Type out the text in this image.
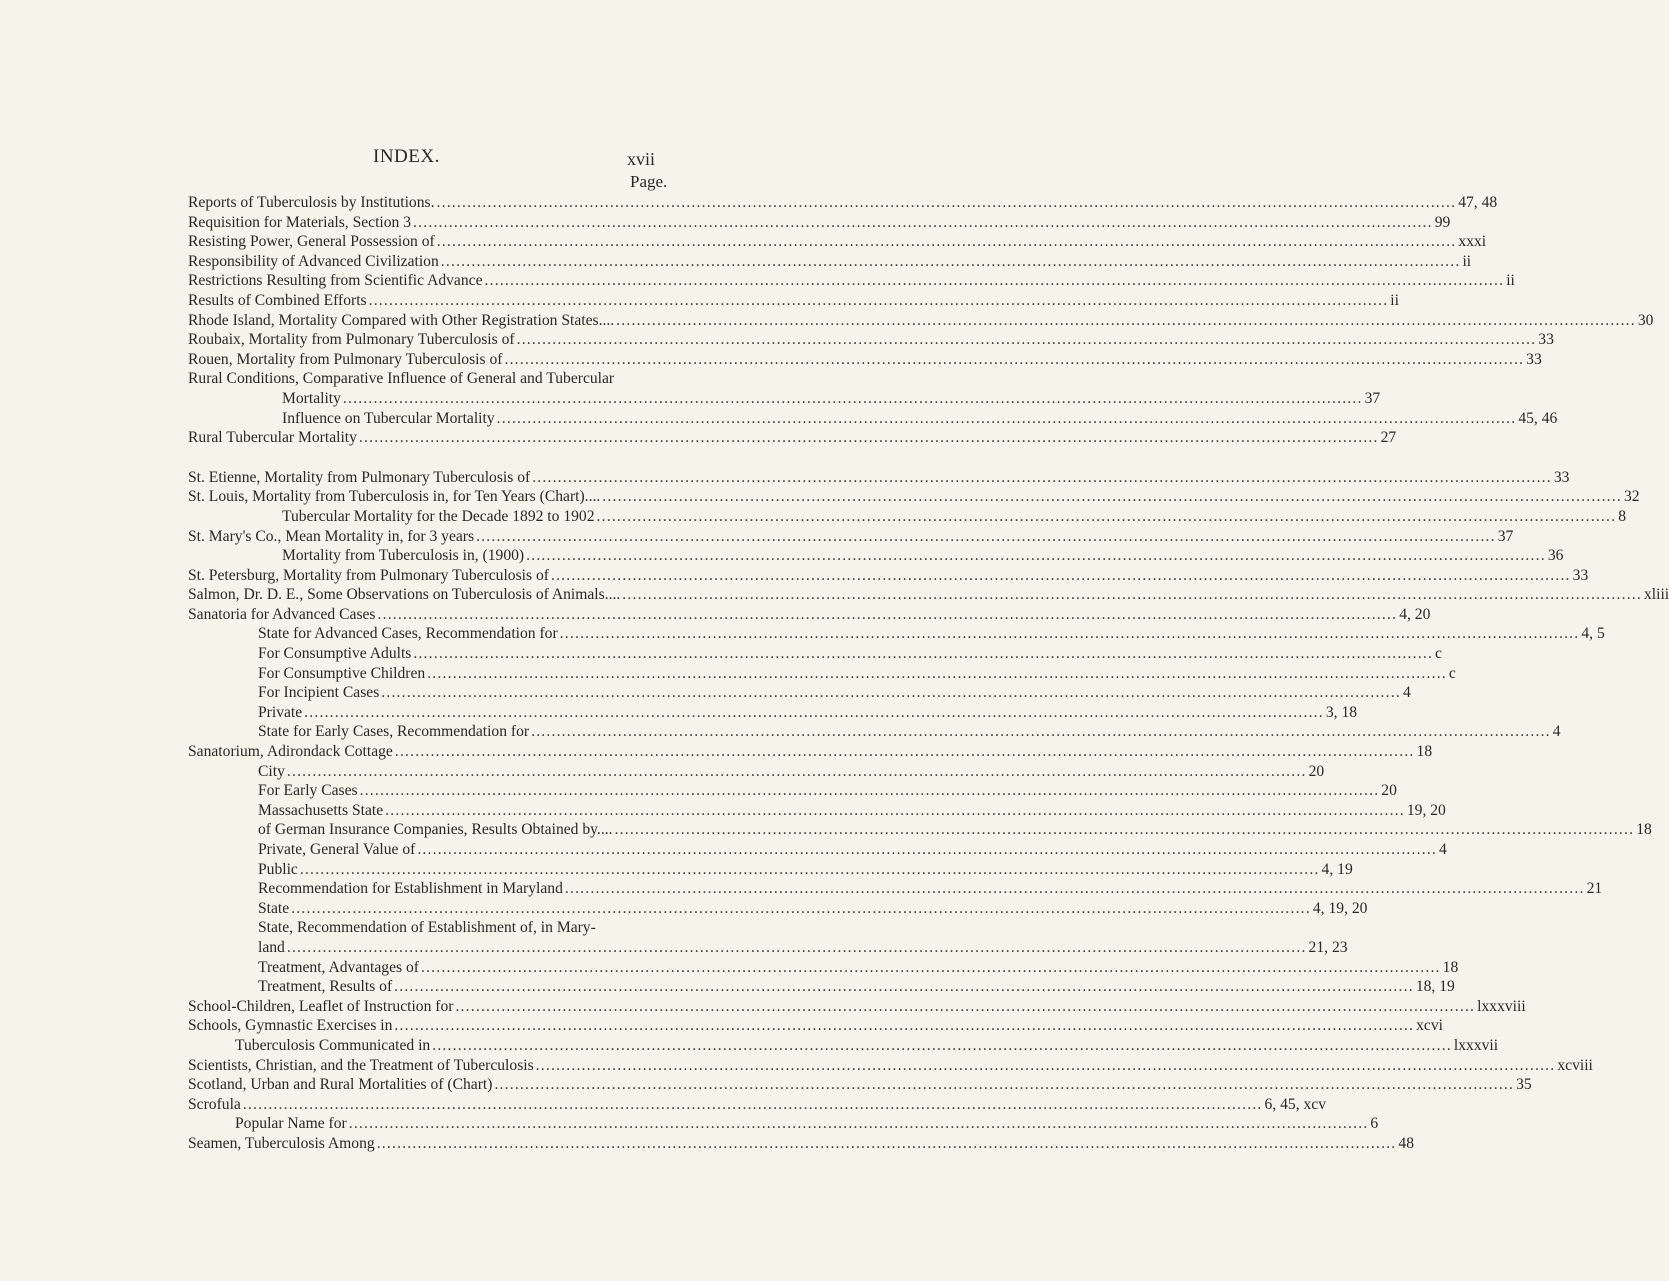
INDEX.	xvii
Page.
Reports of Tuberculosis by Institutions. ........................................................................................................................................................................................................ 47, 48
Requisition for Materials, Section 3 ........................................................................................................................................................................................................ 99
Resisting Power, General Possession of ........................................................................................................................................................................................................ xxxi
Responsibility of Advanced Civilization ........................................................................................................................................................................................................ ii
Restrictions Resulting from Scientific Advance ........................................................................................................................................................................................................ ii
Results of Combined Efforts ........................................................................................................................................................................................................ ii
Rhode Island, Mortality Compared with Other Registration States.... ........................................................................................................................................................................................................ 30
Roubaix, Mortality from Pulmonary Tuberculosis of ........................................................................................................................................................................................................ 33
Rouen, Mortality from Pulmonary Tuberculosis of ........................................................................................................................................................................................................ 33
Rural Conditions, Comparative Influence of General and Tubercular
Mortality ........................................................................................................................................................................................................ 37
Influence on Tubercular Mortality ........................................................................................................................................................................................................ 45, 46
Rural Tubercular Mortality ........................................................................................................................................................................................................ 27
St. Etienne, Mortality from Pulmonary Tuberculosis of ........................................................................................................................................................................................................ 33
St. Louis, Mortality from Tuberculosis in, for Ten Years (Chart).... ........................................................................................................................................................................................................ 32
Tubercular Mortality for the Decade 1892 to 1902 ........................................................................................................................................................................................................ 8
St. Mary's Co., Mean Mortality in, for 3 years ........................................................................................................................................................................................................ 37
Mortality from Tuberculosis in, (1900) ........................................................................................................................................................................................................ 36
St. Petersburg, Mortality from Pulmonary Tuberculosis of ........................................................................................................................................................................................................ 33
Salmon, Dr. D. E., Some Observations on Tuberculosis of Animals.... ........................................................................................................................................................................................................ xliii
Sanatoria for Advanced Cases ........................................................................................................................................................................................................ 4, 20
State for Advanced Cases, Recommendation for ........................................................................................................................................................................................................ 4, 5
For Consumptive Adults ........................................................................................................................................................................................................ c
For Consumptive Children ........................................................................................................................................................................................................ c
For Incipient Cases ........................................................................................................................................................................................................ 4
Private ........................................................................................................................................................................................................ 3, 18
State for Early Cases, Recommendation for ........................................................................................................................................................................................................ 4
Sanatorium, Adirondack Cottage ........................................................................................................................................................................................................ 18
City ........................................................................................................................................................................................................ 20
For Early Cases ........................................................................................................................................................................................................ 20
Massachusetts State ........................................................................................................................................................................................................ 19, 20
of German Insurance Companies, Results Obtained by.... ........................................................................................................................................................................................................ 18
Private, General Value of ........................................................................................................................................................................................................ 4
Public ........................................................................................................................................................................................................ 4, 19
Recommendation for Establishment in Maryland ........................................................................................................................................................................................................ 21
State ........................................................................................................................................................................................................ 4, 19, 20
State, Recommendation of Establishment of, in Mary-
land ........................................................................................................................................................................................................ 21, 23
Treatment, Advantages of ........................................................................................................................................................................................................ 18
Treatment, Results of ........................................................................................................................................................................................................ 18, 19
School-Children, Leaflet of Instruction for ........................................................................................................................................................................................................ lxxxviii
Schools, Gymnastic Exercises in ........................................................................................................................................................................................................ xcvi
Tuberculosis Communicated in ........................................................................................................................................................................................................ lxxxvii
Scientists, Christian, and the Treatment of Tuberculosis ........................................................................................................................................................................................................ xcviii
Scotland, Urban and Rural Mortalities of (Chart) ........................................................................................................................................................................................................ 35
Scrofula ........................................................................................................................................................................................................ 6, 45, xcv
Popular Name for ........................................................................................................................................................................................................ 6
Seamen, Tuberculosis Among ........................................................................................................................................................................................................ 48
